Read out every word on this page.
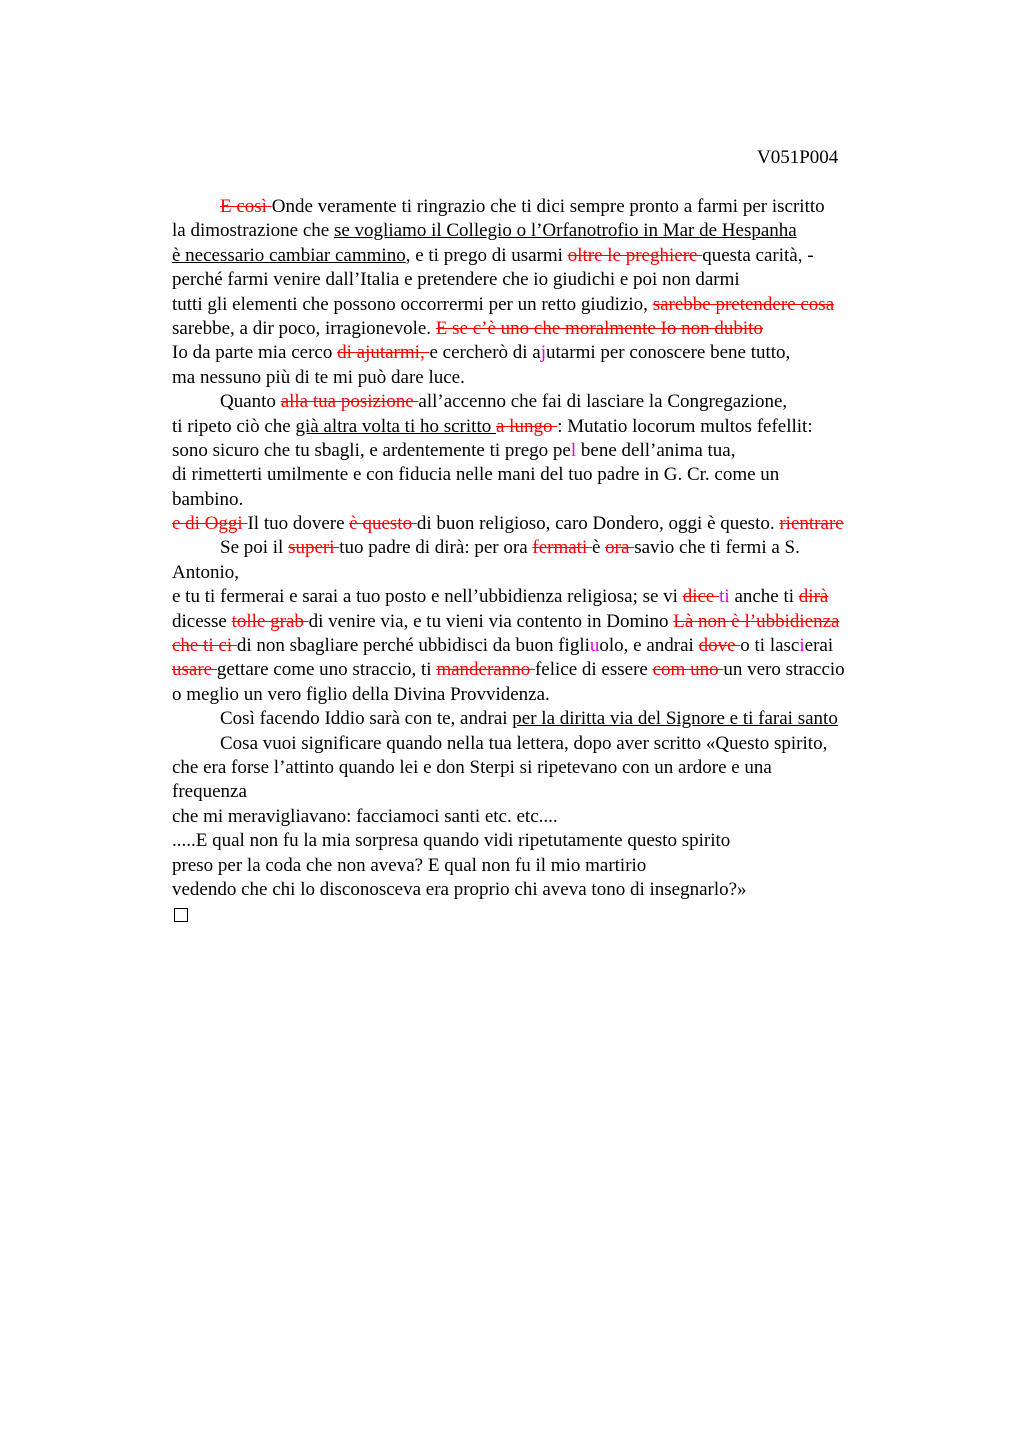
V051P004
E così Onde veramente ti ringrazio che ti dici sempre pronto a farmi per iscritto
la dimostrazione che se vogliamo il Collegio o l’Orfanotrofio in Mar de Hespanha
è necessario cambiar cammino, e ti prego di usarmi oltre le preghiere questa carità, -
perché farmi venire dall’Italia e pretendere che io giudichi e poi non darmi
tutti gli elementi che possono occorrermi per un retto giudizio, sarebbe pretendere cosa
sarebbe, a dir poco, irragionevole. E se c’è uno che moralmente Io non dubito
Io da parte mia cerco di ajutarmi, e cercherò di ajutarmi per conoscere bene tutto,
ma nessuno più di te mi può dare luce.
Quanto alla tua posizione all’accenno che fai di lasciare la Congregazione,
ti ripeto ciò che già altra volta ti ho scritto a lungo : Mutatio locorum multos fefellit:
sono sicuro che tu sbagli, e ardentemente ti prego pel bene dell’anima tua,
di rimetterti umilmente e con fiducia nelle mani del tuo padre in G. Cr. come un
bambino.
e di Oggi Il tuo dovere è questo di buon religioso, caro Dondero, oggi è questo. rientrare
Se poi il superi tuo padre di dirà: per ora fermati è ora savio che ti fermi a S.
Antonio,
e tu ti fermerai e sarai a tuo posto e nell’ubbidienza religiosa; se vi dice ti anche ti dirà
dicesse tolle grab di venire via, e tu vieni via contento in Domino Là non è l’ubbidienza
che ti ci di non sbagliare perché ubbidisci da buon figliuolo, e andrai dove o ti lascierai
usare gettare come uno straccio, ti manderanno felice di essere com uno un vero straccio
o meglio un vero figlio della Divina Provvidenza.
Così facendo Iddio sarà con te, andrai per la diritta via del Signore e ti farai santo
Cosa vuoi significare quando nella tua lettera, dopo aver scritto «Questo spirito,
che era forse l’attinto quando lei e don Sterpi si ripetevano con un ardore e una
frequenza
che mi meravigliavano: facciamoci santi etc. etc....
.....E qual non fu la mia sorpresa quando vidi ripetutamente questo spirito
preso per la coda che non aveva? E qual non fu il mio martirio
vedendo che chi lo disconosceva era proprio chi aveva tono di insegnarlo?»
